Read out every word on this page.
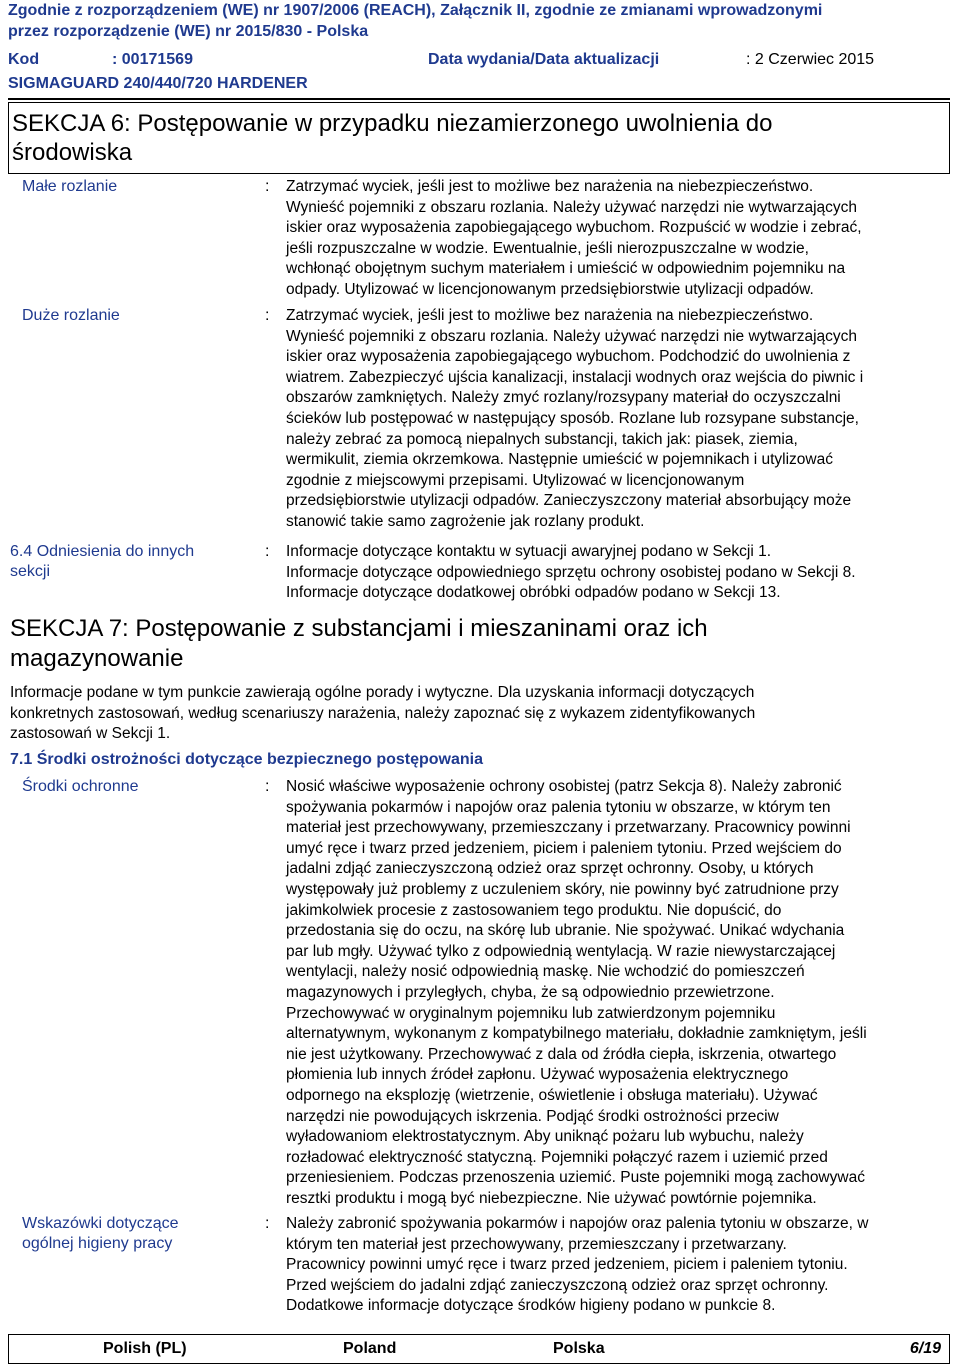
Zgodnie z rozporządzeniem (WE) nr 1907/2006 (REACH), Załącznik II, zgodnie ze zmianami wprowadzonymi
przez rozporządzenie (WE) nr 2015/830 - Polska
Kod	: 00171569	Data wydania/Data aktualizacji	: 2 Czerwiec 2015
SIGMAGUARD 240/440/720 HARDENER
SEKCJA 6: Postępowanie w przypadku niezamierzonego uwolnienia do
środowiska
Małe rozlanie	: Zatrzymać wyciek, jeśli jest to możliwe bez narażenia na niebezpieczeństwo.
Wynieść pojemniki z obszaru rozlania. Należy używać narzędzi nie wytwarzających
iskier oraz wyposażenia zapobiegającego wybuchom. Rozpuścić w wodzie i zebrać,
jeśli rozpuszczalne w wodzie. Ewentualnie, jeśli nierozpuszczalne w wodzie,
wchłonąć obojętnym suchym materiałem i umieścić w odpowiednim pojemniku na
odpady. Utylizować w licencjonowanym przedsiębiorstwie utylizacji odpadów.
Duże rozlanie	: Zatrzymać wyciek, jeśli jest to możliwe bez narażenia na niebezpieczeństwo.
Wynieść pojemniki z obszaru rozlania. Należy używać narzędzi nie wytwarzających
iskier oraz wyposażenia zapobiegającego wybuchom. Podchodzić do uwolnienia z
wiatrem. Zabezpieczyć ujścia kanalizacji, instalacji wodnych oraz wejścia do piwnic i
obszarów zamkniętych. Należy zmyć rozlany/rozsypany materiał do oczyszczalni
ścieków lub postępować w następujący sposób. Rozlane lub rozsypane substancje,
należy zebrać za pomocą niepalnych substancji, takich jak: piasek, ziemia,
wermikulit, ziemia okrzemkowa. Następnie umieścić w pojemnikach i utylizować
zgodnie z miejscowymi przepisami. Utylizować w licencjonowanym
przedsiębiorstwie utylizacji odpadów. Zanieczyszczony materiał absorbujący może
stanowić takie samo zagrożenie jak rozlany produkt.
6.4 Odniesienia do innych
sekcji
: Informacje dotyczące kontaktu w sytuacji awaryjnej podano w Sekcji 1.
Informacje dotyczące odpowiedniego sprzętu ochrony osobistej podano w Sekcji 8.
Informacje dotyczące dodatkowej obróbki odpadów podano w Sekcji 13.
SEKCJA 7: Postępowanie z substancjami i mieszaninami oraz ich
magazynowanie
Informacje podane w tym punkcie zawierają ogólne porady i wytyczne. Dla uzyskania informacji dotyczących
konkretnych zastosowań, według scenariuszy narażenia, należy zapoznać się z wykazem zidentyfikowanych
zastosowań w Sekcji 1.
7.1 Środki ostrożności dotyczące bezpiecznego postępowania
Środki ochronne	: Nosić właściwe wyposażenie ochrony osobistej (patrz Sekcja 8). Należy zabronić
spożywania pokarmów i napojów oraz palenia tytoniu w obszarze, w którym ten
materiał jest przechowywany, przemieszczany i przetwarzany. Pracownicy powinni
umyć ręce i twarz przed jedzeniem, piciem i paleniem tytoniu. Przed wejściem do
jadalni zdjąć zanieczyszczoną odzież oraz sprzęt ochronny. Osoby, u których
występowały już problemy z uczuleniem skóry, nie powinny być zatrudnione przy
jakimkolwiek procesie z zastosowaniem tego produktu. Nie dopuścić, do
przedostania się do oczu, na skórę lub ubranie. Nie spożywać. Unikać wdychania
par lub mgły. Używać tylko z odpowiednią wentylacją. W razie niewystarczającej
wentylacji, należy nosić odpowiednią maskę. Nie wchodzić do pomieszczeń
magazynowych i przyległych, chyba, że są odpowiednio przewietrzone.
Przechowywać w oryginalnym pojemniku lub zatwierdzonym pojemniku
alternatywnym, wykonanym z kompatybilnego materiału, dokładnie zamkniętym, jeśli
nie jest użytkowany. Przechowywać z dala od źródła ciepła, iskrzenia, otwartego
płomienia lub innych źródeł zapłonu. Używać wyposażenia elektrycznego
odpornego na eksplozję (wietrzenie, oświetlenie i obsługa materiału). Używać
narzędzi nie powodujących iskrzenia. Podjąć środki ostrożności przeciw
wyładowaniom elektrostatycznym. Aby uniknąć pożaru lub wybuchu, należy
rozładować elektryczność statyczną. Pojemniki połączyć razem i uziemić przed
przeniesieniem. Podczas przenoszenia uziemić. Puste pojemniki mogą zachowywać
resztki produktu i mogą być niebezpieczne. Nie używać powtórnie pojemnika.
Wskazówki dotyczące
ogólnej higieny pracy
: Należy zabronić spożywania pokarmów i napojów oraz palenia tytoniu w obszarze, w
którym ten materiał jest przechowywany, przemieszczany i przetwarzany.
Pracownicy powinni umyć ręce i twarz przed jedzeniem, piciem i paleniem tytoniu.
Przed wejściem do jadalni zdjąć zanieczyszczoną odzież oraz sprzęt ochronny.
Dodatkowe informacje dotyczące środków higieny podano w punkcie 8.
Polish (PL)	Poland	Polska	6/19
